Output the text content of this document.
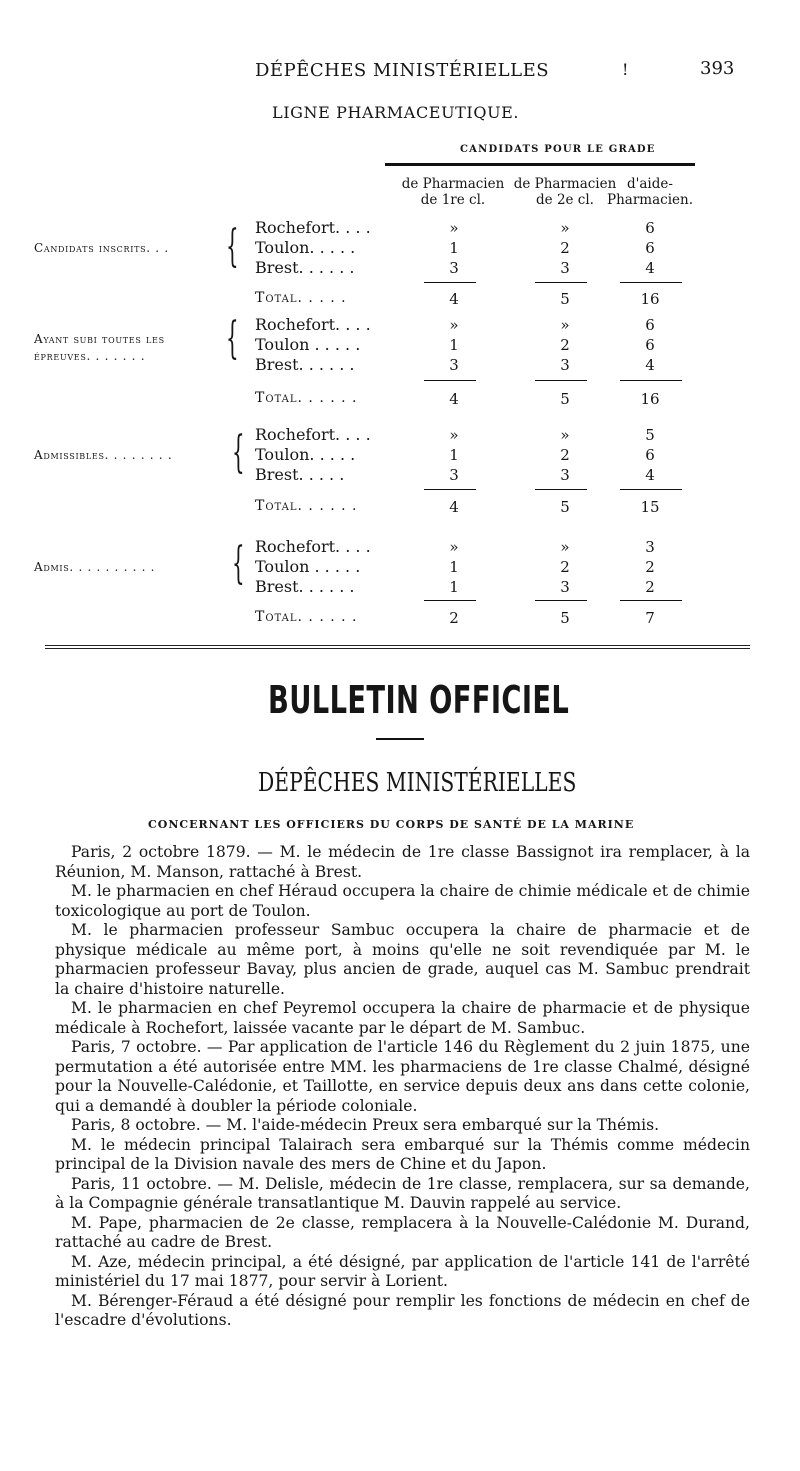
DÉPÊCHES MINISTÉRIELLES	!	393
LIGNE PHARMACEUTIQUE.
CANDIDATS POUR LE GRADE
de Pharmacien de 1re cl.
de Pharmacien de 2e cl.
d'aide-Pharmacien.
Candidats inscrits. . . { Rochefort. . . .	»	»	6
Toulon. . . . .	1	2	6
Brest. . . . . .	3	3	4
Total. . . . .	4	5	16
Ayant subi toutes les épreuves. . . . . . .	{ Rochefort. . . .	»	»	6
Toulon . . . . .	1	2	6
Brest. . . . . .	3	3	4
Total. . . . . .	4	5	16
Admissibles. . . . . . . . { Rochefort. . . .	»	»	5
Toulon. . . . .	1	2	6
Brest. . . . .	3	3	4
Total. . . . . .	4	5	15
Admis. . . . . . . . . . { Rochefort. . . .	»	»	3
Toulon . . . . .	1	2	2
Brest. . . . . .	1	3	2
Total. . . . . .	2	5	7
BULLETIN OFFICIEL
DÉPÊCHES MINISTÉRIELLES
CONCERNANT LES OFFICIERS DU CORPS DE SANTÉ DE LA MARINE

Paris, 2 octobre 1879. — M. le médecin de 1re classe Bassignot ira remplacer, à la Réunion, M. Manson, rattaché à Brest.

M. le pharmacien en chef Héraud occupera la chaire de chimie médicale et de chimie toxicologique au port de Toulon.

M. le pharmacien professeur Sambuc occupera la chaire de pharmacie et de physique médicale au même port, à moins qu'elle ne soit revendiquée par M. le pharmacien professeur Bavay, plus ancien de grade, auquel cas M. Sambuc prendrait la chaire d'histoire naturelle.

M. le pharmacien en chef Peyremol occupera la chaire de pharmacie et de physique médicale à Rochefort, laissée vacante par le départ de M. Sambuc.

Paris, 7 octobre. — Par application de l'article 146 du Règlement du 2 juin 1875, une permutation a été autorisée entre MM. les pharmaciens de 1re classe Chalmé, désigné pour la Nouvelle-Calédonie, et Taillotte, en service depuis deux ans dans cette colonie, qui a demandé à doubler la période coloniale.

Paris, 8 octobre. — M. l'aide-médecin Preux sera embarqué sur la Thémis.

M. le médecin principal Talairach sera embarqué sur la Thémis comme médecin principal de la Division navale des mers de Chine et du Japon.

Paris, 11 octobre. — M. Delisle, médecin de 1re classe, remplacera, sur sa demande, à la Compagnie générale transatlantique M. Dauvin rappelé au service.

M. Pape, pharmacien de 2e classe, remplacera à la Nouvelle-Calédonie M. Durand, rattaché au cadre de Brest.

M. Aze, médecin principal, a été désigné, par application de l'article 141 de l'arrêté ministériel du 17 mai 1877, pour servir à Lorient.

M. Bérenger-Féraud a été désigné pour remplir les fonctions de médecin en chef de l'escadre d'évolutions.
